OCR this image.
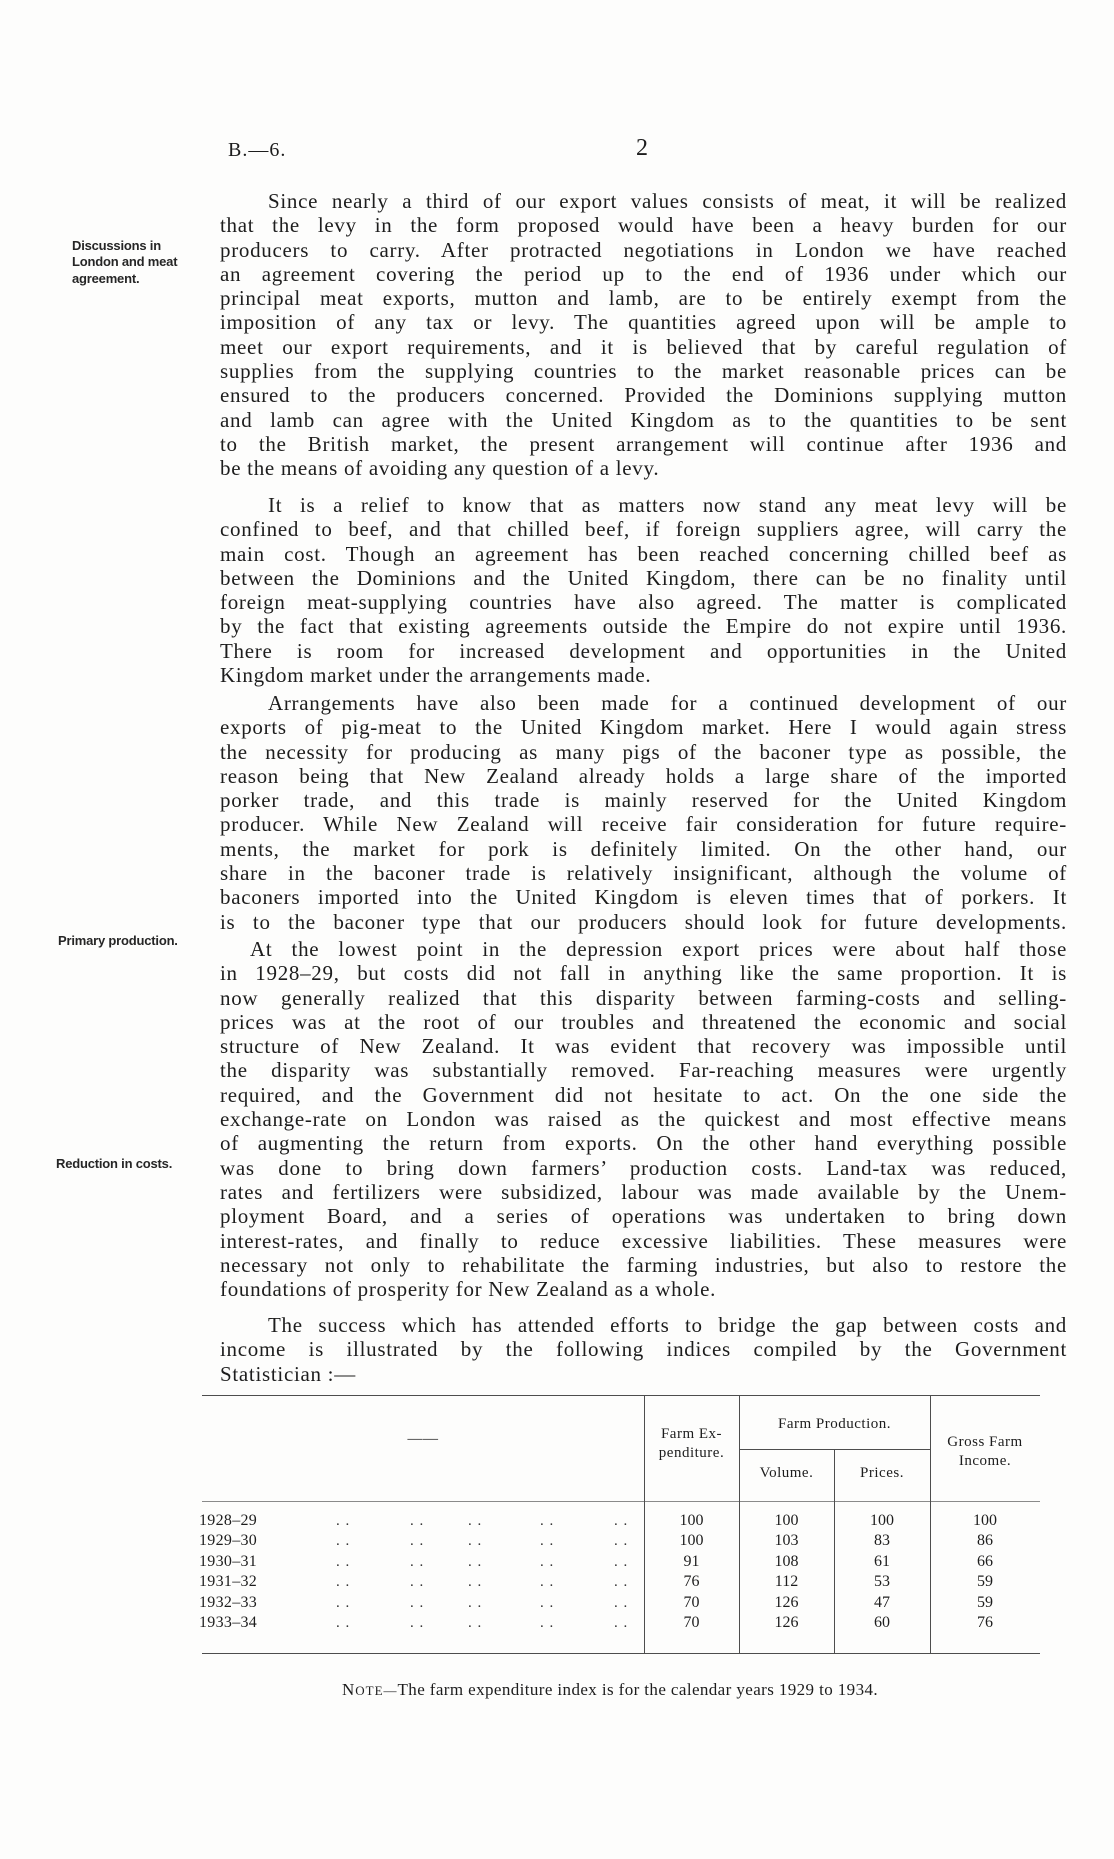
B.—6.	2
Discussions in
London and meat
agreement.
Primary production.
Reduction in costs.
Since nearly a third of our export values consists of meat, it will be realized
that the levy in the form proposed would have been a heavy burden for our
producers to carry. After protracted negotiations in London we have reached
an agreement covering the period up to the end of 1936 under which our
principal meat exports, mutton and lamb, are to be entirely exempt from the
imposition of any tax or levy. The quantities agreed upon will be ample to
meet our export requirements, and it is believed that by careful regulation of
supplies from the supplying countries to the market reasonable prices can be
ensured to the producers concerned. Provided the Dominions supplying mutton
and lamb can agree with the United Kingdom as to the quantities to be sent
to the British market, the present arrangement will continue after 1936 and
be the means of avoiding any question of a levy.
It is a relief to know that as matters now stand any meat levy will be
confined to beef, and that chilled beef, if foreign suppliers agree, will carry the
main cost. Though an agreement has been reached concerning chilled beef as
between the Dominions and the United Kingdom, there can be no finality until
foreign meat-supplying countries have also agreed. The matter is complicated
by the fact that existing agreements outside the Empire do not expire until 1936.
There is room for increased development and opportunities in the United
Kingdom market under the arrangements made.
Arrangements have also been made for a continued development of our
exports of pig-meat to the United Kingdom market. Here I would again stress
the necessity for producing as many pigs of the baconer type as possible, the
reason being that New Zealand already holds a large share of the imported
porker trade, and this trade is mainly reserved for the United Kingdom
producer. While New Zealand will receive fair consideration for future require-
ments, the market for pork is definitely limited. On the other hand, our
share in the baconer trade is relatively insignificant, although the volume of
baconers imported into the United Kingdom is eleven times that of porkers. It
is to the baconer type that our producers should look for future developments.
At the lowest point in the depression export prices were about half those
in 1928–29, but costs did not fall in anything like the same proportion. It is
now generally realized that this disparity between farming-costs and selling-
prices was at the root of our troubles and threatened the economic and social
structure of New Zealand. It was evident that recovery was impossible until
the disparity was substantially removed. Far-reaching measures were urgently
required, and the Government did not hesitate to act. On the one side the
exchange-rate on London was raised as the quickest and most effective means
of augmenting the return from exports. On the other hand everything possible
was done to bring down farmers’ production costs. Land-tax was reduced,
rates and fertilizers were subsidized, labour was made available by the Unem-
ployment Board, and a series of operations was undertaken to bring down
interest-rates, and finally to reduce excessive liabilities. These measures were
necessary not only to rehabilitate the farming industries, but also to restore the
foundations of prosperity for New Zealand as a whole.
The success which has attended efforts to bridge the gap between costs and
income is illustrated by the following indices compiled by the Government
Statistician :—
——	Farm Ex-
penditure.
Farm Production.
Volume.	Prices.
Gross Farm
Income.
1928–29	. .	. .	. .	. .	. .	100	100	100	100
1929–30	. .	. .	. .	. .	. .	100	103	83	86
1930–31	. .	. .	. .	. .	. .	91	108	61	66
1931–32	. .	. .	. .	. .	. .	76	112	53	59
1932–33	. .	. .	. .	. .	. .	70	126	47	59
1933–34	. .	. .	. .	. .	. .	70	126	60	76
NOTE—The farm expenditure index is for the calendar years 1929 to 1934.
